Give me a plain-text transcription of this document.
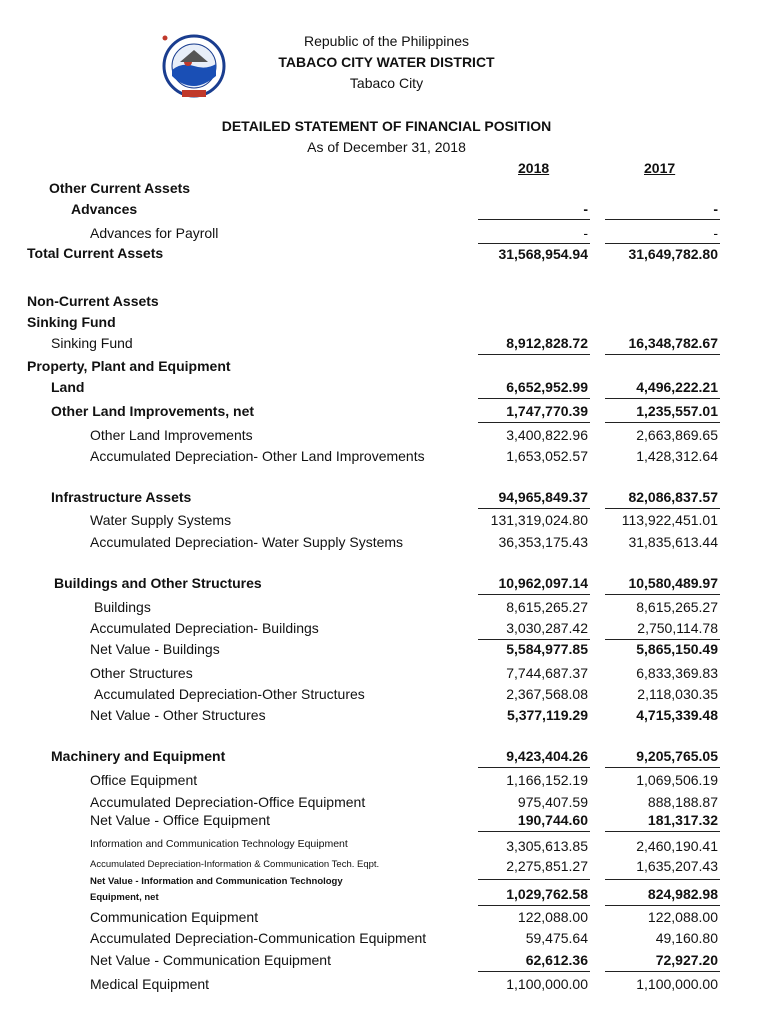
Republic of the Philippines
TABACO CITY WATER DISTRICT
Tabaco City
DETAILED STATEMENT OF FINANCIAL POSITION
As of December 31, 2018
2018	2017
Other Current Assets
Advances	-	-
Advances for Payroll	-	-
Total Current Assets	31,568,954.94	31,649,782.80
Non-Current Assets
Sinking Fund
Sinking Fund	8,912,828.72	16,348,782.67
Property, Plant and Equipment
Land	6,652,952.99	4,496,222.21
Other Land Improvements, net	1,747,770.39	1,235,557.01
Other Land Improvements	3,400,822.96	2,663,869.65
Accumulated Depreciation- Other Land Improvements	1,653,052.57	1,428,312.64
Infrastructure Assets	94,965,849.37	82,086,837.57
Water Supply Systems	131,319,024.80	113,922,451.01
Accumulated Depreciation- Water Supply Systems	36,353,175.43	31,835,613.44
Buildings and Other Structures	10,962,097.14	10,580,489.97
Buildings	8,615,265.27	8,615,265.27
Accumulated Depreciation- Buildings	3,030,287.42	2,750,114.78
Net Value - Buildings	5,584,977.85	5,865,150.49
Other Structures	7,744,687.37	6,833,369.83
Accumulated Depreciation-Other Structures	2,367,568.08	2,118,030.35
Net Value - Other Structures	5,377,119.29	4,715,339.48
Machinery and Equipment	9,423,404.26	9,205,765.05
Office Equipment	1,166,152.19	1,069,506.19
Accumulated Depreciation-Office Equipment	975,407.59	888,188.87
Net Value - Office Equipment	190,744.60	181,317.32
Information and Communication Technology Equipment	3,305,613.85	2,460,190.41
Accumulated Depreciation-Information & Communication Tech. Eqpt.	2,275,851.27	1,635,207.43
Net Value - Information and Communication Technology
Equipment, net	1,029,762.58	824,982.98
Communication Equipment	122,088.00	122,088.00
Accumulated Depreciation-Communication Equipment	59,475.64	49,160.80
Net Value - Communication Equipment	62,612.36	72,927.20
Medical Equipment	1,100,000.00	1,100,000.00
